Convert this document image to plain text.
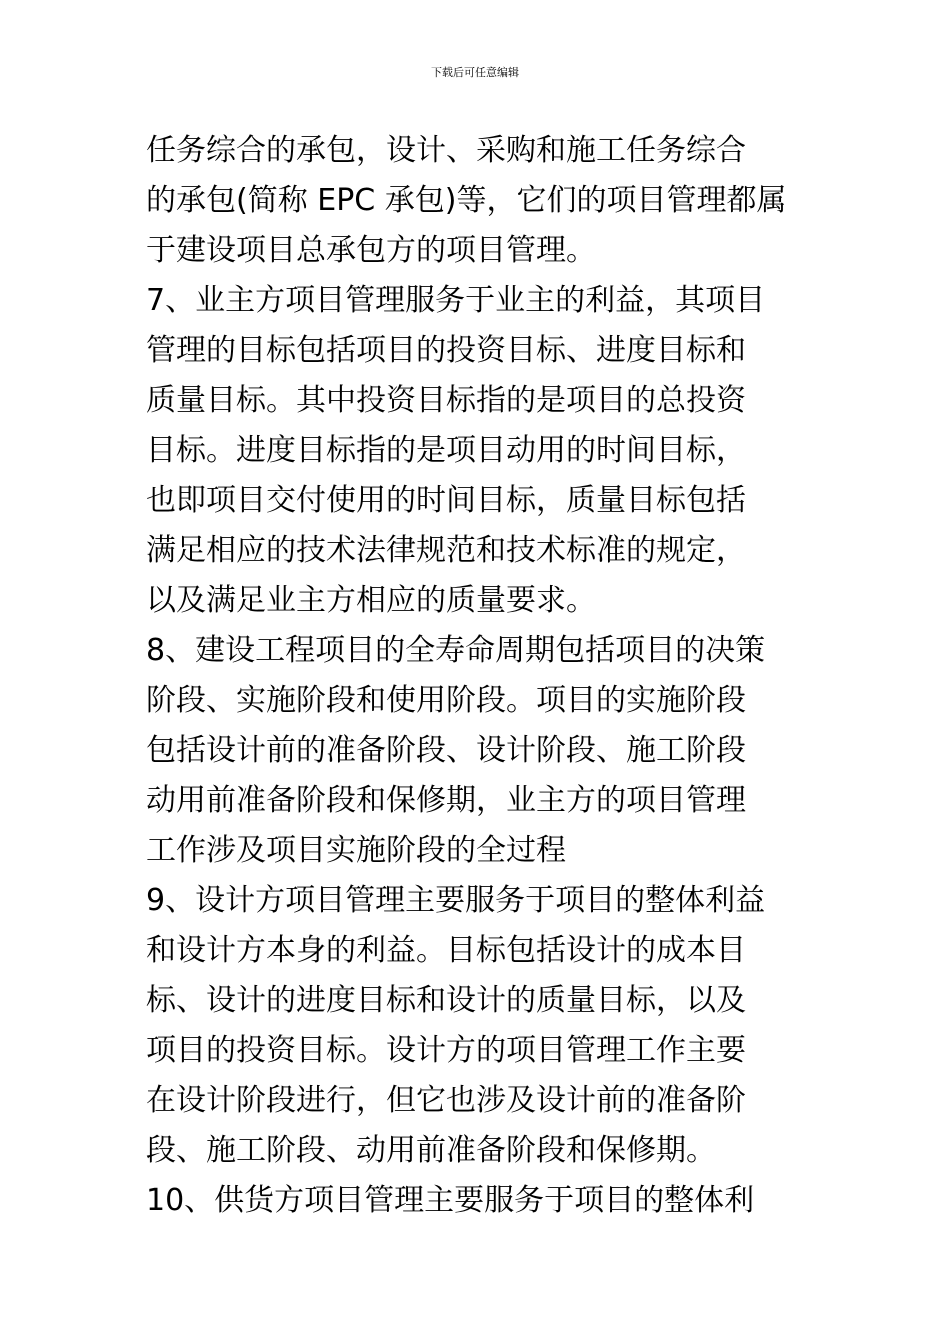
下载后可任意编辑
任务综合的承包，设计、采购和施工任务综合
的承包(简称 EPC 承包)等，它们的项目管理都属
于建设项目总承包方的项目管理。
7、业主方项目管理服务于业主的利益，其项目
管理的目标包括项目的投资目标、进度目标和
质量目标。其中投资目标指的是项目的总投资
目标。进度目标指的是项目动用的时间目标，
也即项目交付使用的时间目标，质量目标包括
满足相应的技术法律规范和技术标准的规定，
以及满足业主方相应的质量要求。
8、建设工程项目的全寿命周期包括项目的决策
阶段、实施阶段和使用阶段。项目的实施阶段
包括设计前的准备阶段、设计阶段、施工阶段
动用前准备阶段和保修期，业主方的项目管理
工作涉及项目实施阶段的全过程
9、设计方项目管理主要服务于项目的整体利益
和设计方本身的利益。目标包括设计的成本目
标、设计的进度目标和设计的质量目标，以及
项目的投资目标。设计方的项目管理工作主要
在设计阶段进行，但它也涉及设计前的准备阶
段、施工阶段、动用前准备阶段和保修期。
10、供货方项目管理主要服务于项目的整体利
